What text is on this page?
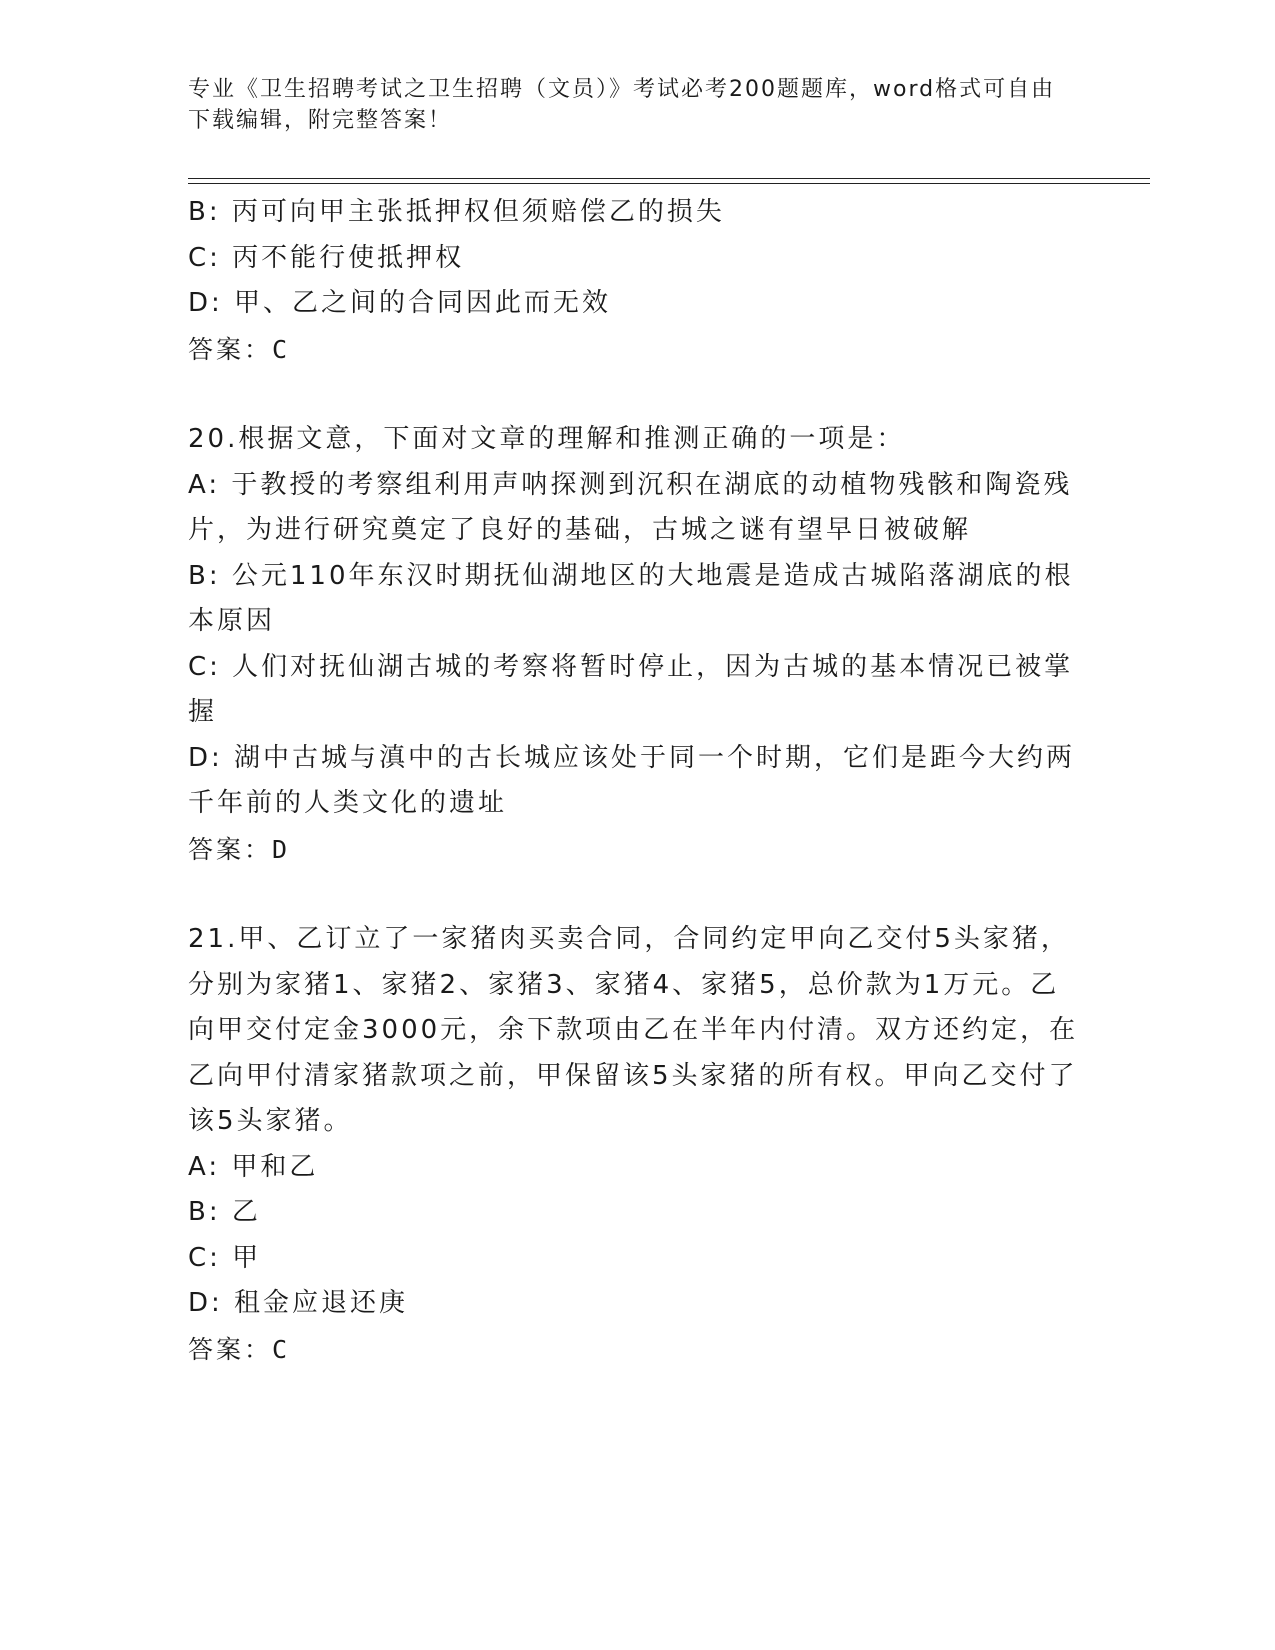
专业《卫生招聘考试之卫生招聘（文员）》考试必考200题题库，word格式可自由下载编辑，附完整答案！

B: 丙可向甲主张抵押权但须赔偿乙的损失

C: 丙不能行使抵押权

D: 甲、乙之间的合同因此而无效

答案：C

20.根据文意，下面对文章的理解和推测正确的一项是：

A: 于教授的考察组利用声呐探测到沉积在湖底的动植物残骸和陶瓷残片，为进行研究奠定了良好的基础，古城之谜有望早日被破解

B: 公元110年东汉时期抚仙湖地区的大地震是造成古城陷落湖底的根本原因

C: 人们对抚仙湖古城的考察将暂时停止，因为古城的基本情况已被掌握

D: 湖中古城与滇中的古长城应该处于同一个时期，它们是距今大约两千年前的人类文化的遗址

答案：D

21.甲、乙订立了一家猪肉买卖合同，合同约定甲向乙交付5头家猪，分别为家猪1、家猪2、家猪3、家猪4、家猪5，总价款为1万元。乙向甲交付定金3000元，余下款项由乙在半年内付清。双方还约定，在乙向甲付清家猪款项之前，甲保留该5头家猪的所有权。甲向乙交付了该5头家猪。

A: 甲和乙

B: 乙

C: 甲

D: 租金应退还庚

答案：C
